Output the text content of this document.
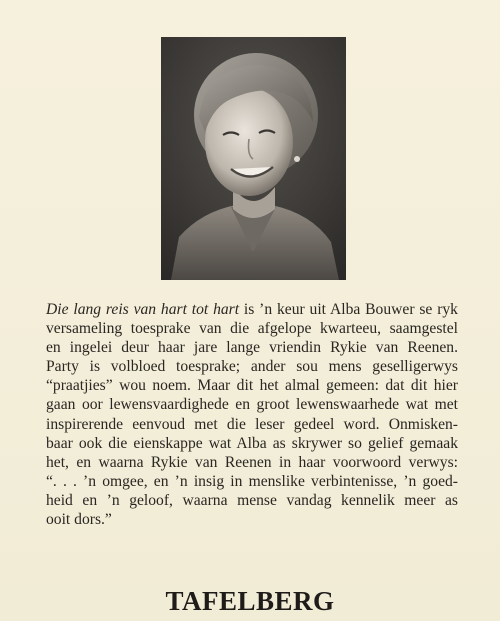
Die lang reis van hart tot hart is ’n keur uit Alba Bouwer se ryk
versameling toesprake van die afgelope kwarteeu, saamgestel
en ingelei deur haar jare lange vriendin Rykie van Reenen.
Party is volbloed toesprake; ander sou mens geselligerwys
“praatjies” wou noem. Maar dit het almal gemeen: dat dit hier
gaan oor lewensvaardighede en groot lewenswaarhede wat met
inspirerende eenvoud met die leser gedeel word. Onmisken-
baar ook die eienskappe wat Alba as skrywer so gelief gemaak
het, en waarna Rykie van Reenen in haar voorwoord verwys:
“. . . ’n omgee, en ’n insig in menslike verbintenisse, ’n goed-
heid en ’n geloof, waarna mense vandag kennelik meer as
ooit dors.”
TAFELBERG
